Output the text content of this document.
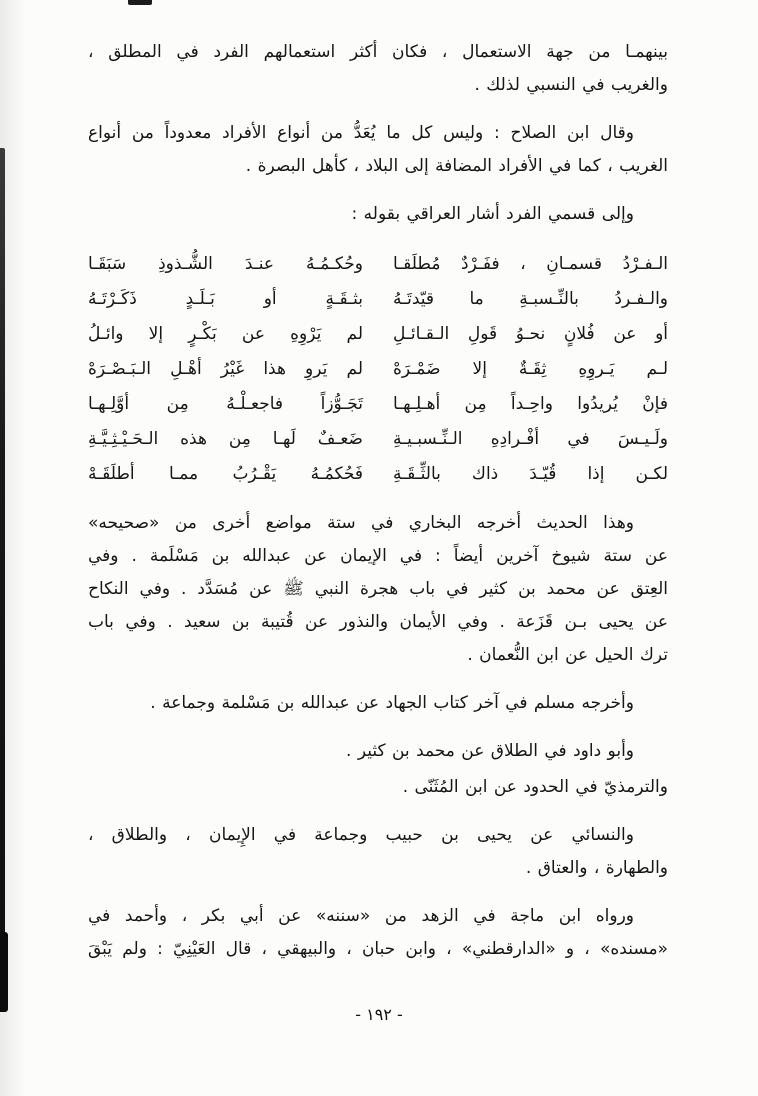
بينهمـا من جهة الاستعمال ، فكان أكثر استعمالهم الفرد في المطلق ،
والغريب في النسبي لذلك .
وقال ابن الصلاح : وليس كل ما يُعَدُّ من أنواع الأفراد معدوداً من أنواع
الغريب ، كما في الأفراد المضافة إلى البلاد ، كأهل البصرة .
وإلى قسمي الفرد أشار العراقي بقوله :
الـفـرْدُ قسمـانِ ، ففَـرْدٌ مُطلَقـا
وحُكـمُـهُ عنـدَ الشُّـذوذِ سَبَقَـا
والـفـردُ بالنِّـسبـةِ ما قيّدتَـهُ
بثـقَـةٍ أو بَـلَـدٍ ذَكَـرْتَـهُ
أو عن فُلانٍ نحـوُ قَولِ الـقـائـلِ
لم يَرْوِهِ عن بَكْـرٍ إلا وائـلُ
لـم يَـروِهِ ثِقَـةٌ إلا ضَمْـرَهْ
لم يَروِ هذا غَيْرُ أهْـلِ الـبَـصْـرَهْ
فإنْ يُريدُوا واحِـداً مِن أهـلِـهـا
تَجَـوُّزاً فاجعـلْـهُ مِن أوَّلِـهـا
ولَـيـسَ في أفْـرادِهِ الـنِّـسبـيـةِ
ضَعـفٌ لَهـا مِن هذه الـحَـيْـثِـيَّـةِ
لكـن إذا قُيّـدَ ذاك بالثِّـقَـةِ
فَحُكمُـهُ يَقْـرُبُ ممـا أطلَقَـهْ
وهذا الحديث أخرجه البخاري في ستة مواضع أخرى من «صحيحه»
عن ستة شيوخ آخرين أيضاً : في الإيمان عن عبدالله بن مَسْلَمة . وفي
العِتق عن محمد بن كثير في باب هجرة النبي ﷺ عن مُسَدَّد . وفي النكاح
عن يحيى بـن قَزَعة . وفي الأيمان والنذور عن قُتيبة بن سعيد . وفي باب
ترك الحيل عن ابن النُّعمان .
وأخرجه مسلم في آخر كتاب الجهاد عن عبدالله بن مَسْلمة وجماعة .
وأبو داود في الطلاق عن محمد بن كثير .
والترمذيّ في الحدود عن ابن المُثَنّى .
والنسائي عن يحيى بن حبيب وجماعة في الإِيمان ، والطلاق ،
والطهارة ، والعتاق .
ورواه ابن ماجة في الزهد من «سننه» عن أبي بكر ، وأحمد في
«مسنده» ، و «الدارقطني» ، وابن حبان ، والبيهقي ، قال العَيْنِيّ : ولم يَبْقَ
- ١٩٢ -
